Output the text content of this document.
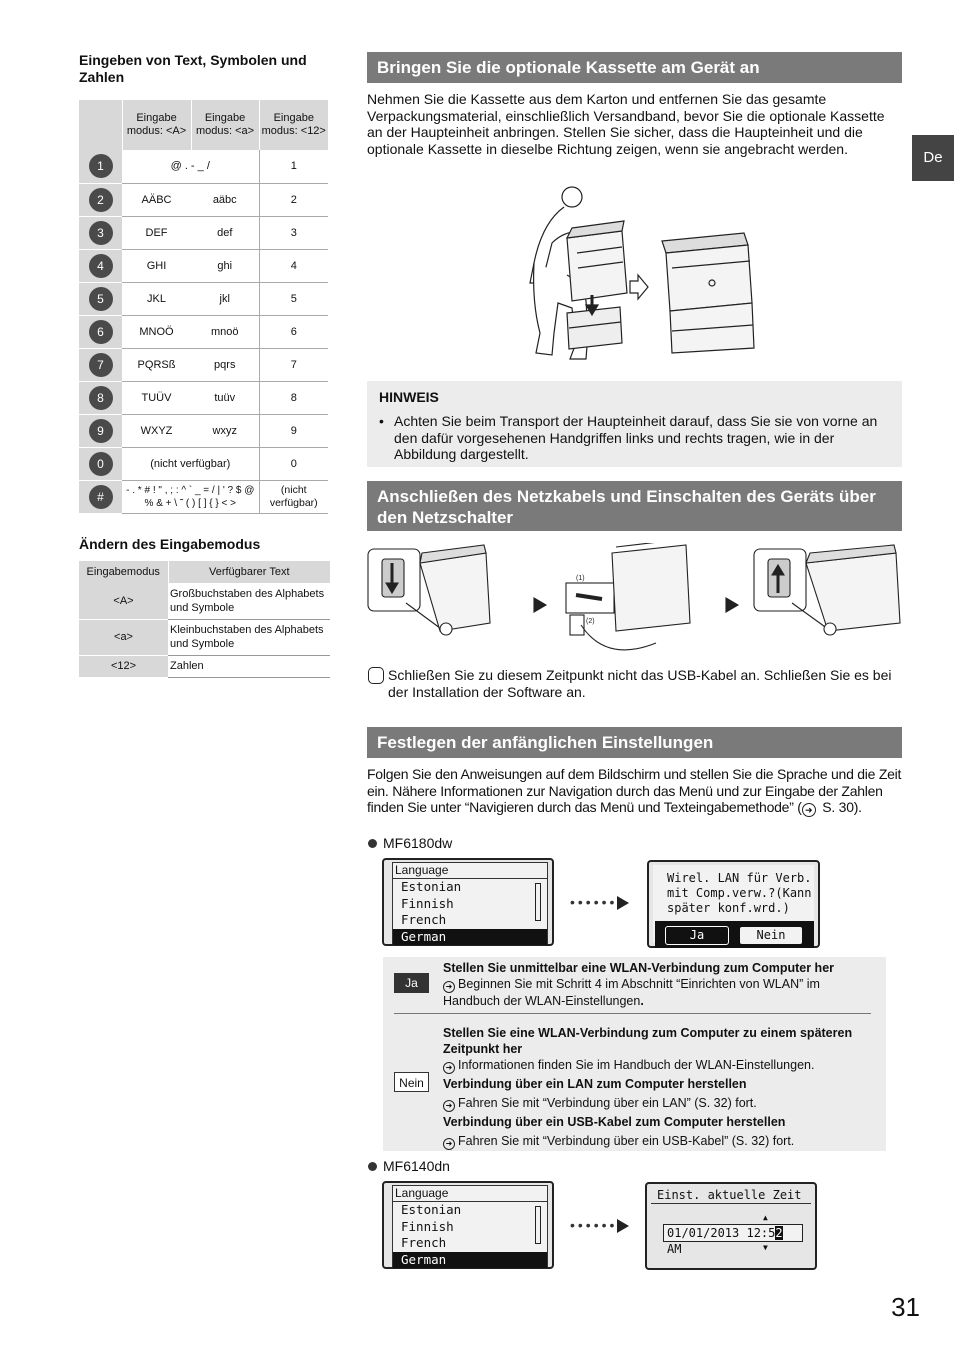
Eingeben von Text, Symbolen und Zahlen
	Eingabe modus: <A>	Eingabe modus: <a>	Eingabe modus: <12>
1	@ . - _ /		1
2	AÄBC	aäbc	2
3	DEF	def	3
4	GHI	ghi	4
5	JKL	jkl	5
6	MNOÖ	mnoö	6
7	PQRSß	pqrs	7
8	TUÜV	tuüv	8
9	WXYZ	wxyz	9
0	(nicht verfügbar)		0
#	- . * # ! " , ; : ^ ` _ = / | ' ? $ @ % & + \ ˜ ( ) [ ] { } < >		(nicht verfügbar)
Ändern des Eingabemodus
Eingabemodus	Verfügbarer Text
<A>	Großbuchstaben des Alphabets und Symbole
<a>	Kleinbuchstaben des Alphabets und Symbole
<12>	Zahlen
De
Bringen Sie die optionale Kassette am Gerät an
Nehmen Sie die Kassette aus dem Karton und entfernen Sie das gesamte Verpackungsmaterial, einschließlich Versandband, bevor Sie die optionale Kassette an der Haupteinheit anbringen. Stellen Sie sicher, dass die Haupteinheit und die optionale Kassette in dieselbe Richtung zeigen, wenn sie angebracht werden.
HINWEIS
• Achten Sie beim Transport der Haupteinheit darauf, dass Sie sie von vorne an den dafür vorgesehenen Handgriffen links und rechts tragen, wie in der Abbildung dargestellt.
Anschließen des Netzkabels und Einschalten des Geräts über den Netzschalter
(1)
(2)
Schließen Sie zu diesem Zeitpunkt nicht das USB-Kabel an. Schließen Sie es bei der Installation der Software an.
Festlegen der anfänglichen Einstellungen
Folgen Sie den Anweisungen auf dem Bildschirm und stellen Sie die Sprache und die Zeit ein. Nähere Informationen zur Navigation durch das Menü und zur Eingabe der Zahlen finden Sie unter “Navigieren durch das Menü und Texteingabemethode” ( ➜ S. 30).
MF6180dw
Language
Estonian
Finnish
French
German
••••••
Wirel. LAN für Verb.
mit Comp.verw.?(Kann
später konf.wrd.)
Ja	Nein
Ja
Stellen Sie unmittelbar eine WLAN-Verbindung zum Computer her
➜ Beginnen Sie mit Schritt 4 im Abschnitt “Einrichten von WLAN” im Handbuch der WLAN-Einstellungen.
Nein
Stellen Sie eine WLAN-Verbindung zum Computer zu einem späteren Zeitpunkt her
➜ Informationen finden Sie im Handbuch der WLAN-Einstellungen.
Verbindung über ein LAN zum Computer herstellen
➜ Fahren Sie mit “Verbindung über ein LAN” (S. 32) fort.
Verbindung über ein USB-Kabel zum Computer herstellen
➜ Fahren Sie mit “Verbindung über ein USB-Kabel” (S. 32) fort.
MF6140dn
Language
Estonian
Finnish
French
German
••••••
Einst. aktuelle Zeit
▲
01/01/2013 12:52 AM	▼
31
